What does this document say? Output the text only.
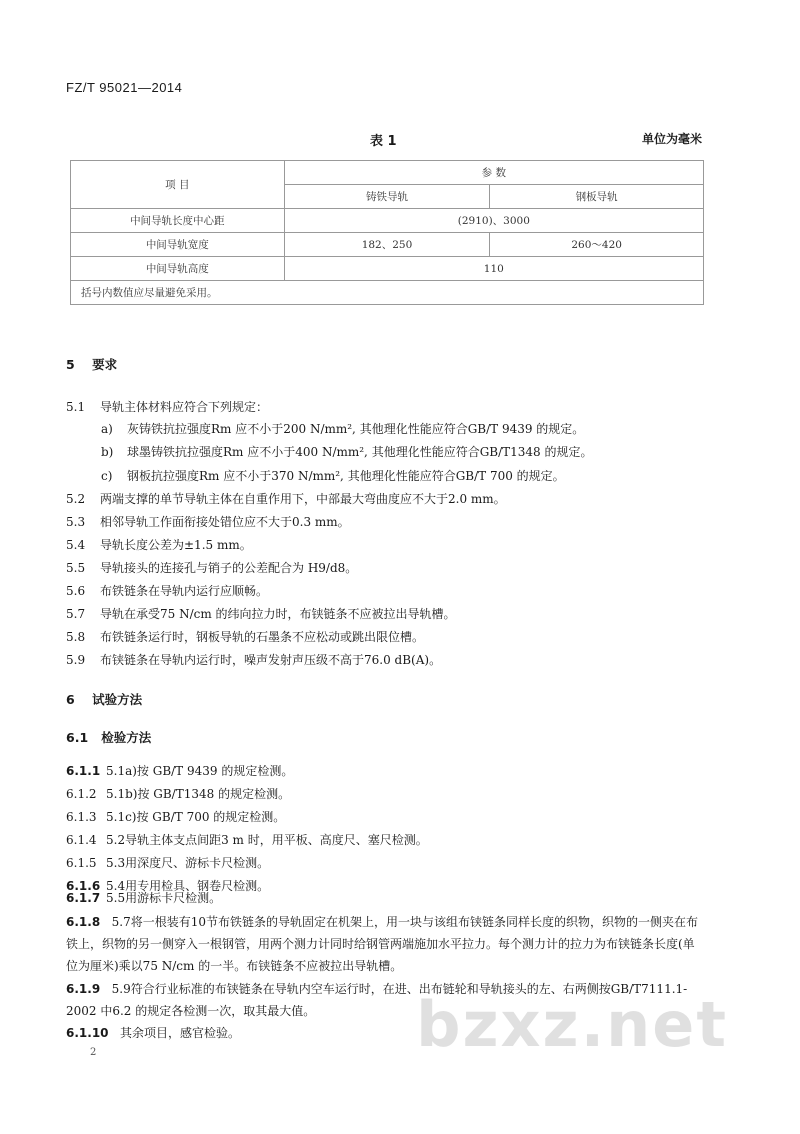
FZ/T 95021—2014
表 1	单位为毫米
项 目	参 数	
	铸铁导轨	钢板导轨
中间导轨长度中心距	(2910)、3000	
中间导轨宽度	182、250	260～420
中间导轨高度	110	
括号内数值应尽量避免采用。		
5 要求
5.1 导轨主体材料应符合下列规定：
a) 灰铸铁抗拉强度Rm 应不小于200 N/mm², 其他理化性能应符合GB/T 9439 的规定。
b) 球墨铸铁抗拉强度Rm 应不小于400 N/mm², 其他理化性能应符合GB/T1348 的规定。
c) 钢板抗拉强度Rm 应不小于370 N/mm², 其他理化性能应符合GB/T 700 的规定。
5.2 两端支撑的单节导轨主体在自重作用下，中部最大弯曲度应不大于2.0 mm。
5.3 相邻导轨工作面衔接处错位应不大于0.3 mm。
5.4 导轨长度公差为±1.5 mm。
5.5 导轨接头的连接孔与销子的公差配合为 H9/d8。
5.6 布铁链条在导轨内运行应顺畅。
5.7 导轨在承受75 N/cm 的纬向拉力时，布铗链条不应被拉出导轨槽。
5.8 布铁链条运行时，钢板导轨的石墨条不应松动或跳出限位槽。
5.9 布铗链条在导轨内运行时，噪声发射声压级不高于76.0 dB(A)。
6 试验方法
6.1 检验方法
6.1.1 5.1a)按 GB/T 9439 的规定检测。
6.1.2 5.1b)按 GB/T1348 的规定检测。
6.1.3 5.1c)按 GB/T 700 的规定检测。
6.1.4 5.2导轨主体支点间距3 m 时，用平板、高度尺、塞尺检测。
6.1.5 5.3用深度尺、游标卡尺检测。
6.1.6 5.4用专用检具、钢卷尺检测。
6.1.7 5.5用游标卡尺检测。
6.1.8 5.7将一根装有10节布铁链条的导轨固定在机架上，用一块与该组布铗链条同样长度的织物，织物的一侧夹在布铁上，织物的另一侧穿入一根钢管，用两个测力计同时给钢管两端施加水平拉力。每个测力计的拉力为布铗链条长度(单位为厘米)乘以75 N/cm 的一半。布铗链条不应被拉出导轨槽。
6.1.9 5.9符合行业标准的布铗链条在导轨内空车运行时，在进、出布链轮和导轨接头的左、右两侧按GB/T7111.1-2002 中6.2 的规定各检测一次，取其最大值。
6.1.10 其余项目，感官检验。
2	bzxz.net
